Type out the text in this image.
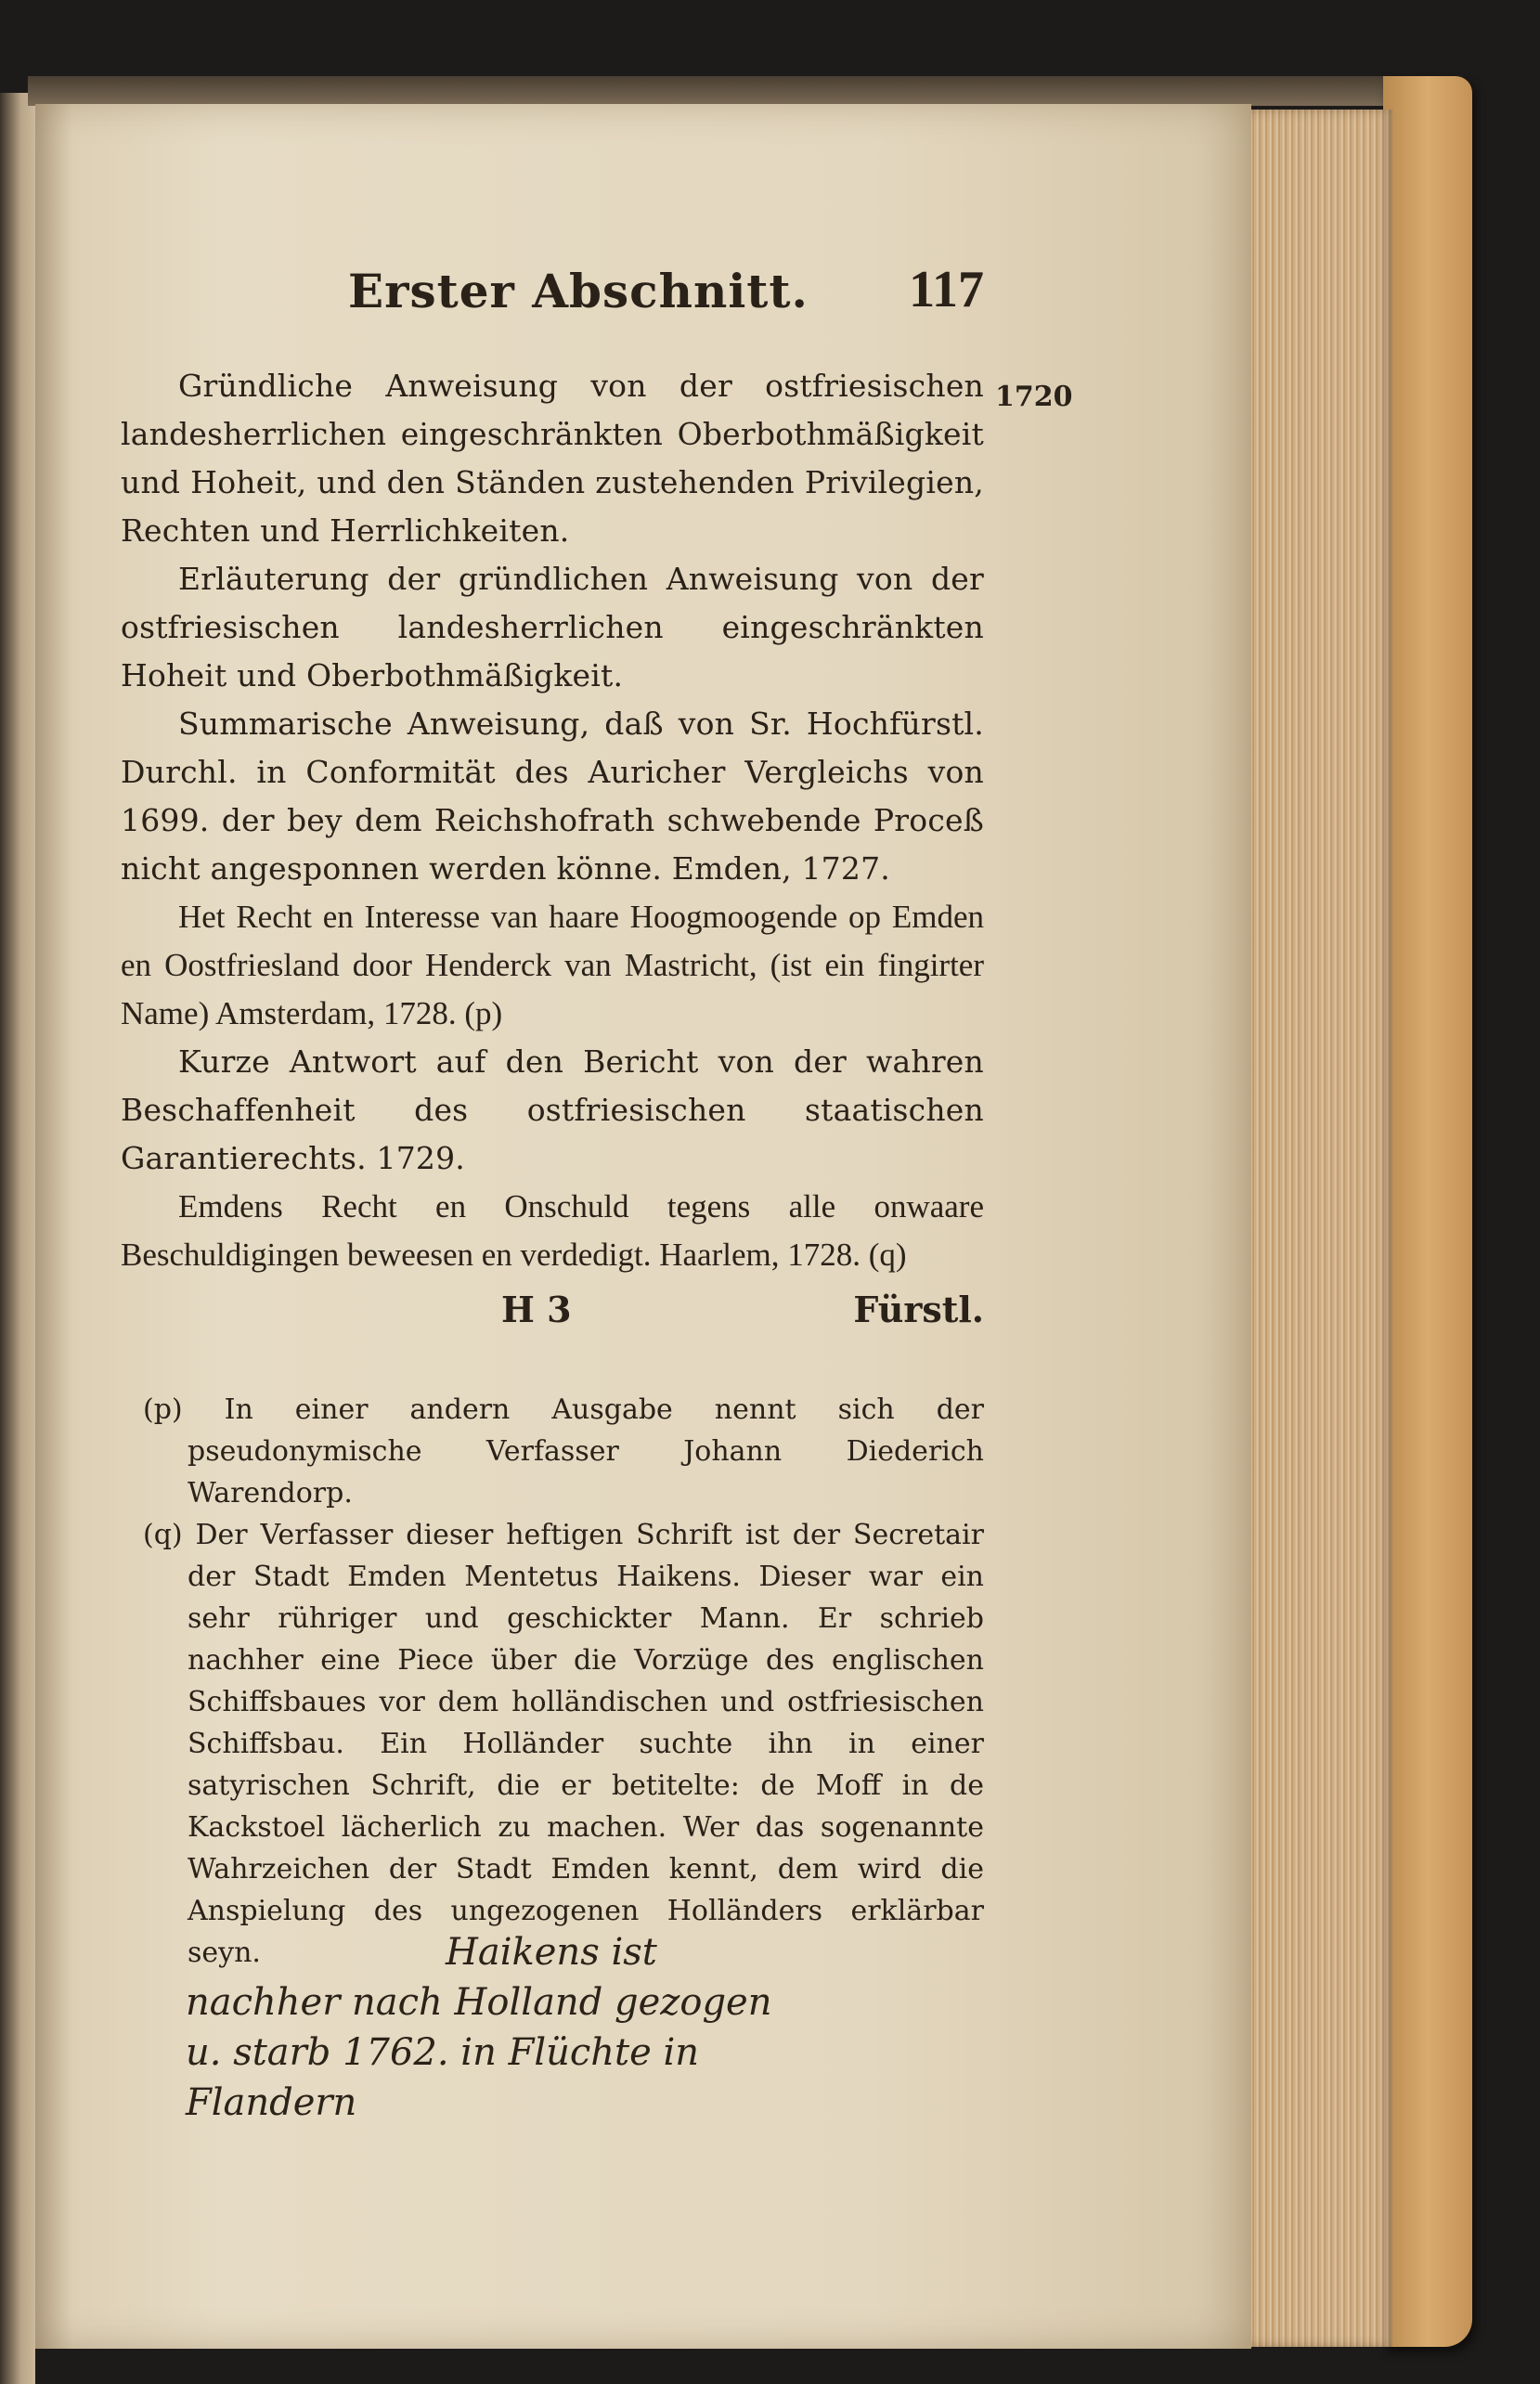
Erster Abschnitt. 117
1720

Gründliche Anweisung von der ostfriesischen landesherrlichen eingeschränkten Oberbothmäßigkeit und Hoheit, und den Ständen zustehenden Privilegien, Rechten und Herrlichkeiten.

Erläuterung der gründlichen Anweisung von der ostfriesischen landesherrlichen eingeschränkten Hoheit und Oberbothmäßigkeit.

Summarische Anweisung, daß von Sr. Hochfürstl. Durchl. in Conformität des Auricher Vergleichs von 1699. der bey dem Reichshofrath schwebende Proceß nicht angesponnen werden könne. Emden, 1727.

Het Recht en Interesse van haare Hoogmoogende op Emden en Oostfriesland door Henderck van Mastricht, (ist ein fingirter Name) Amsterdam, 1728. (p)

Kurze Antwort auf den Bericht von der wahren Beschaffenheit des ostfriesischen staatischen Garantierechts. 1729.

Emdens Recht en Onschuld tegens alle onwaare Beschuldigingen beweesen en verdedigt. Haarlem, 1728. (q)

H 3	Fürstl.

(p) In einer andern Ausgabe nennt sich der pseudonymische Verfasser Johann Diederich Warendorp.

(q) Der Verfasser dieser heftigen Schrift ist der Secretair der Stadt Emden Mentetus Haikens. Dieser war ein sehr rühriger und geschickter Mann. Er schrieb nachher eine Piece über die Vorzüge des englischen Schiffsbaues vor dem holländischen und ostfriesischen Schiffsbau. Ein Holländer suchte ihn in einer satyrischen Schrift, die er betitelte: de Moff in de Kackstoel lächerlich zu machen. Wer das sogenannte Wahrzeichen der Stadt Emden kennt, dem wird die Anspielung des ungezogenen Holländers erklärbar seyn.	Haikens ist
nachher nach Holland gezogen
u. starb 1762. in Flüchte in
Flandern
